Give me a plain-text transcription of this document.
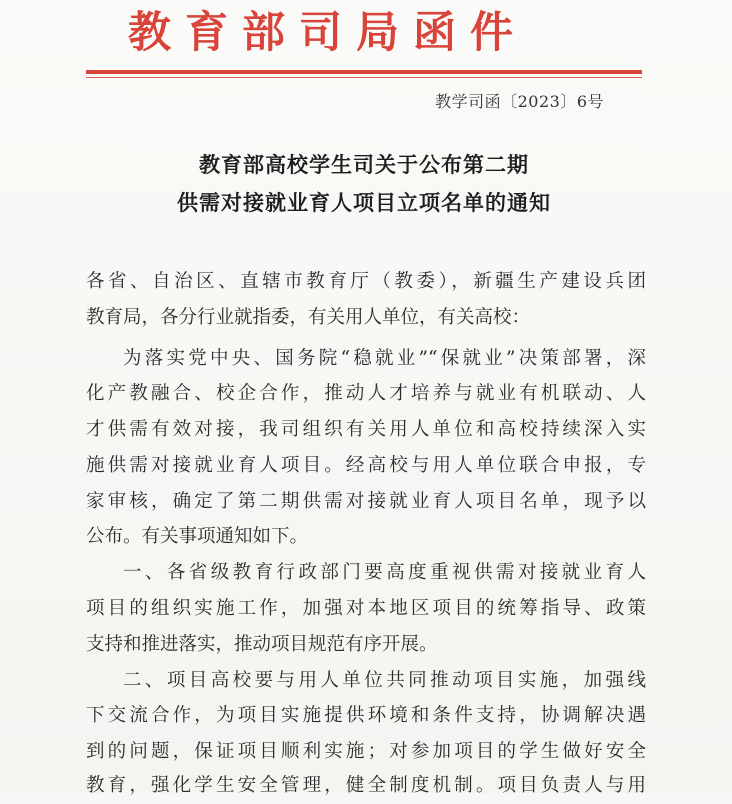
教育部司局函件
教学司函〔2023〕6号
教育部高校学生司关于公布第二期
供需对接就业育人项目立项名单的通知
各省、自治区、直辖市教育厅（教委），新疆生产建设兵团
教育局，各分行业就指委，有关用人单位，有关高校：
为落实党中央、国务院“稳就业”“保就业”决策部署，深
化产教融合、校企合作，推动人才培养与就业有机联动、人
才供需有效对接，我司组织有关用人单位和高校持续深入实
施供需对接就业育人项目。经高校与用人单位联合申报，专
家审核，确定了第二期供需对接就业育人项目名单，现予以
公布。有关事项通知如下。
一、各省级教育行政部门要高度重视供需对接就业育人
项目的组织实施工作，加强对本地区项目的统筹指导、政策
支持和推进落实，推动项目规范有序开展。
二、项目高校要与用人单位共同推动项目实施，加强线
下交流合作，为项目实施提供环境和条件支持，协调解决遇
到的问题，保证项目顺利实施；对参加项目的学生做好安全
教育，强化学生安全管理，健全制度机制。项目负责人与用
